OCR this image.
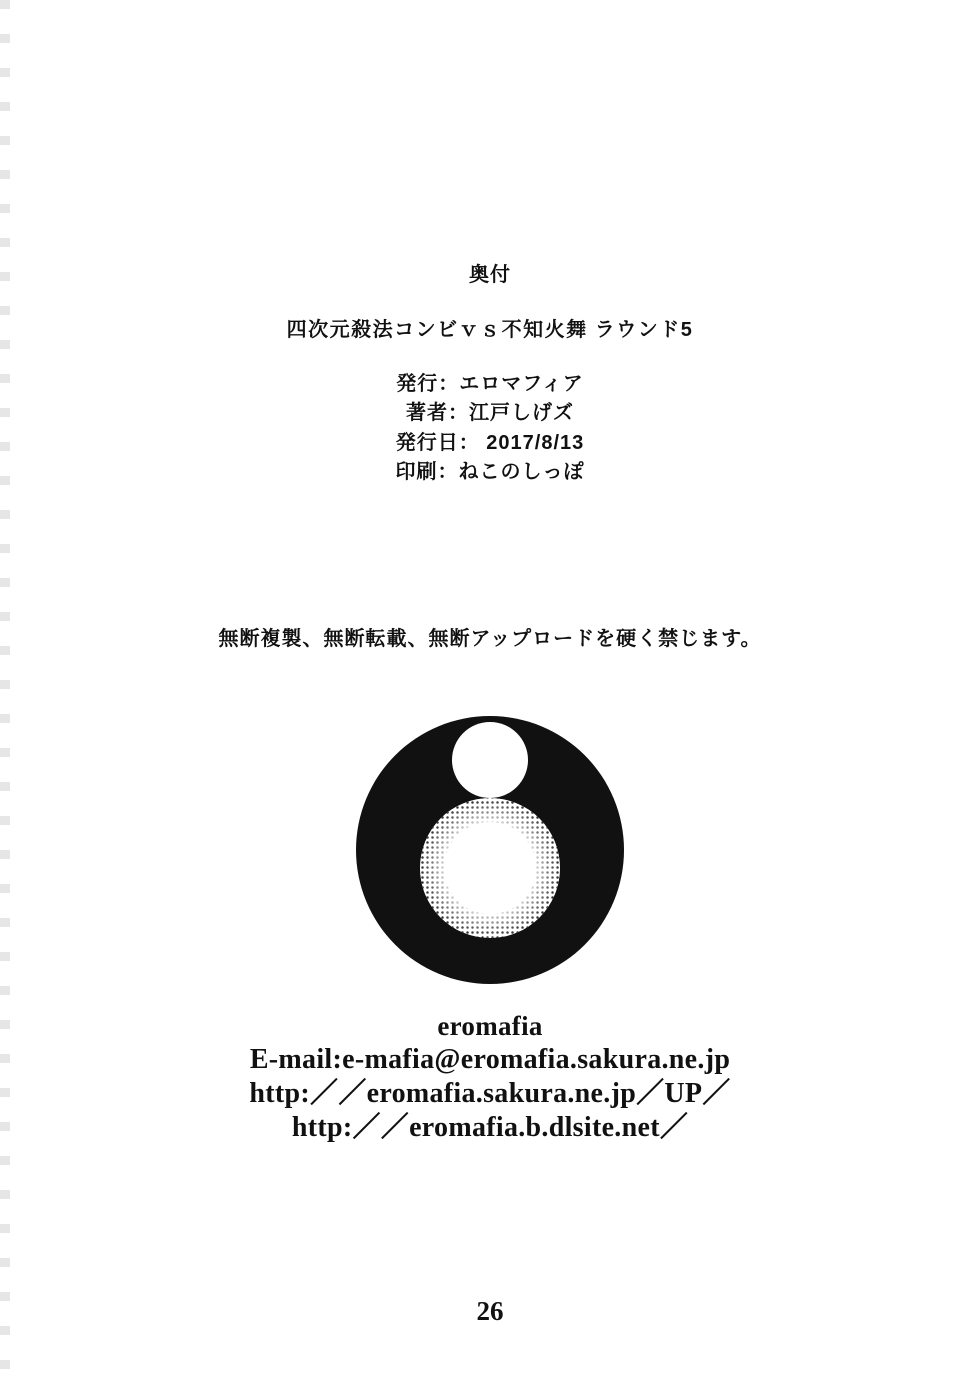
奥付
四次元殺法コンビｖｓ不知火舞 ラウンド5
発行：エロマフィア
著者：江戸しげズ
発行日： 2017/8/13
印刷：ねこのしっぽ
無断複製、無断転載、無断アップロードを硬く禁じます。
eromafia
E‐mail:e‐mafia@eromafia.sakura.ne.jp
http:／／eromafia.sakura.ne.jp／UP／
http:／／eromafia.b.dlsite.net／
26
